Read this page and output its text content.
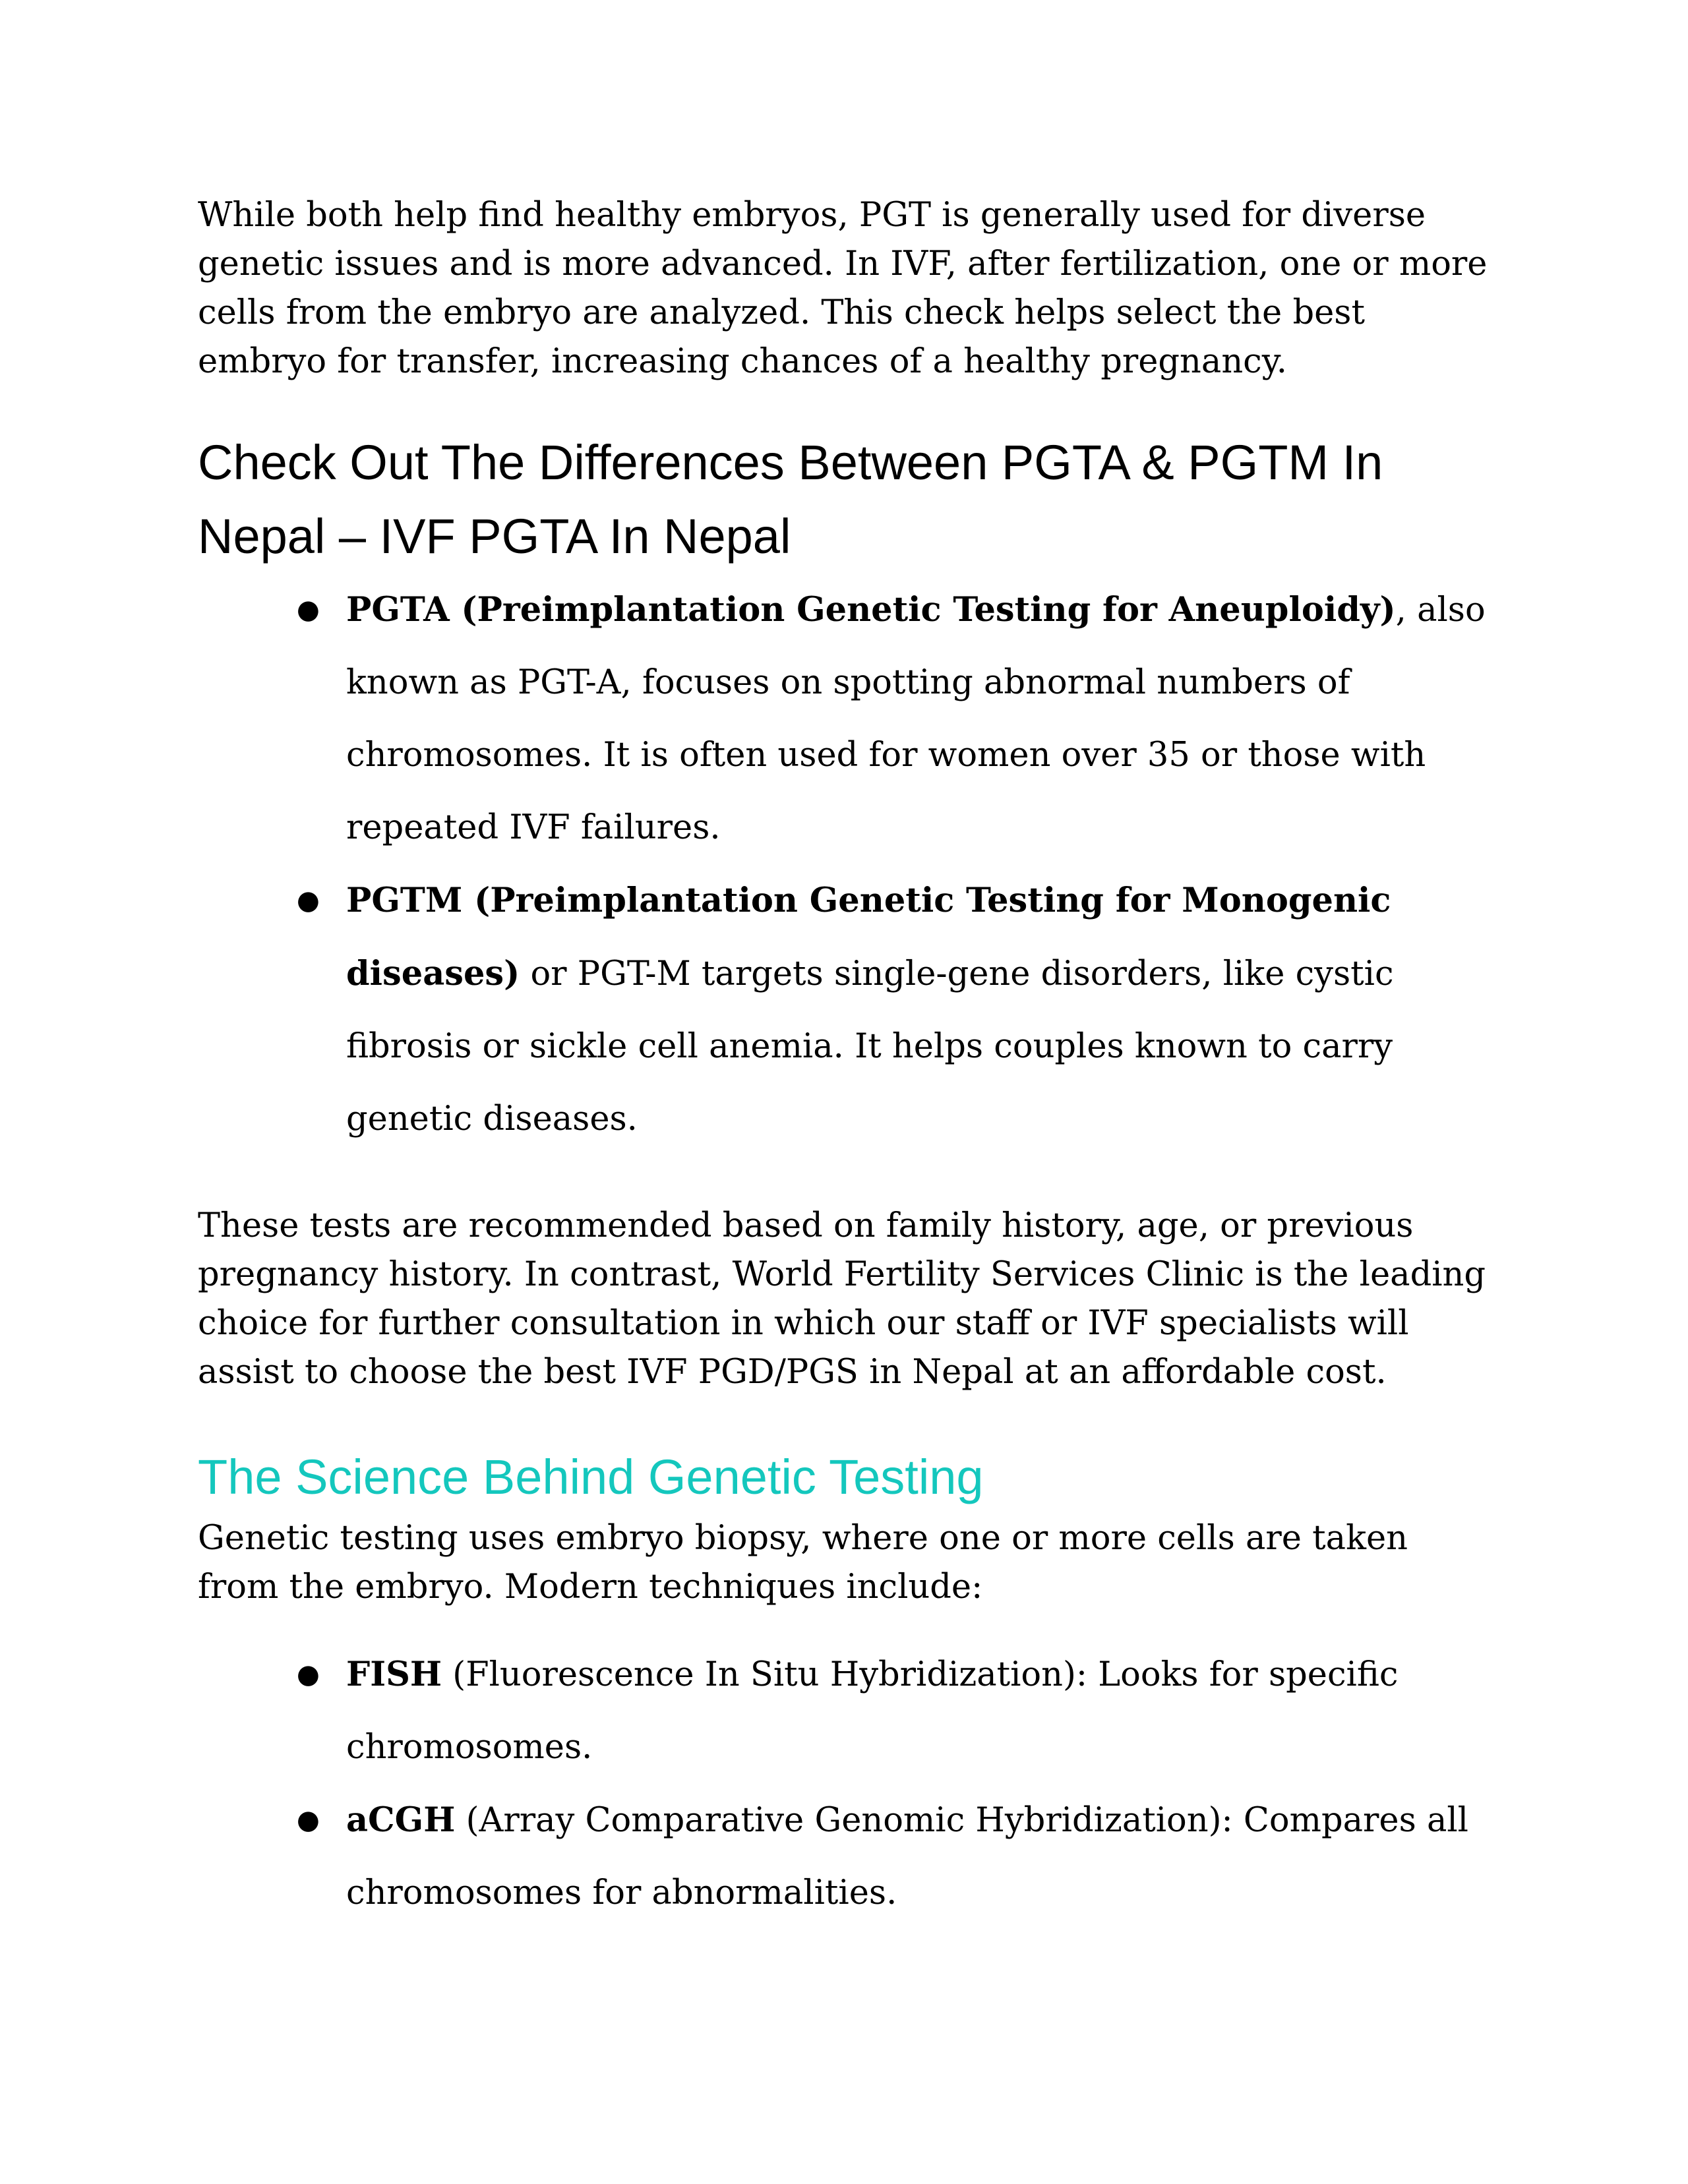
While both help find healthy embryos, PGT is generally used for diverse genetic issues and is more advanced. In IVF, after fertilization, one or more cells from the embryo are analyzed. This check helps select the best embryo for transfer, increasing chances of a healthy pregnancy.

Check Out The Differences Between PGTA & PGTM In Nepal – IVF PGTA In Nepal
● PGTA (Preimplantation Genetic Testing for Aneuploidy), also known as PGT-A, focuses on spotting abnormal numbers of chromosomes. It is often used for women over 35 or those with repeated IVF failures.
● PGTM (Preimplantation Genetic Testing for Monogenic diseases) or PGT-M targets single-gene disorders, like cystic fibrosis or sickle cell anemia. It helps couples known to carry genetic diseases.

These tests are recommended based on family history, age, or previous pregnancy history. In contrast, World Fertility Services Clinic is the leading choice for further consultation in which our staff or IVF specialists will assist to choose the best IVF PGD/PGS in Nepal at an affordable cost.

The Science Behind Genetic Testing

Genetic testing uses embryo biopsy, where one or more cells are taken from the embryo. Modern techniques include:

● FISH (Fluorescence In Situ Hybridization): Looks for specific chromosomes.
● aCGH (Array Comparative Genomic Hybridization): Compares all chromosomes for abnormalities.
